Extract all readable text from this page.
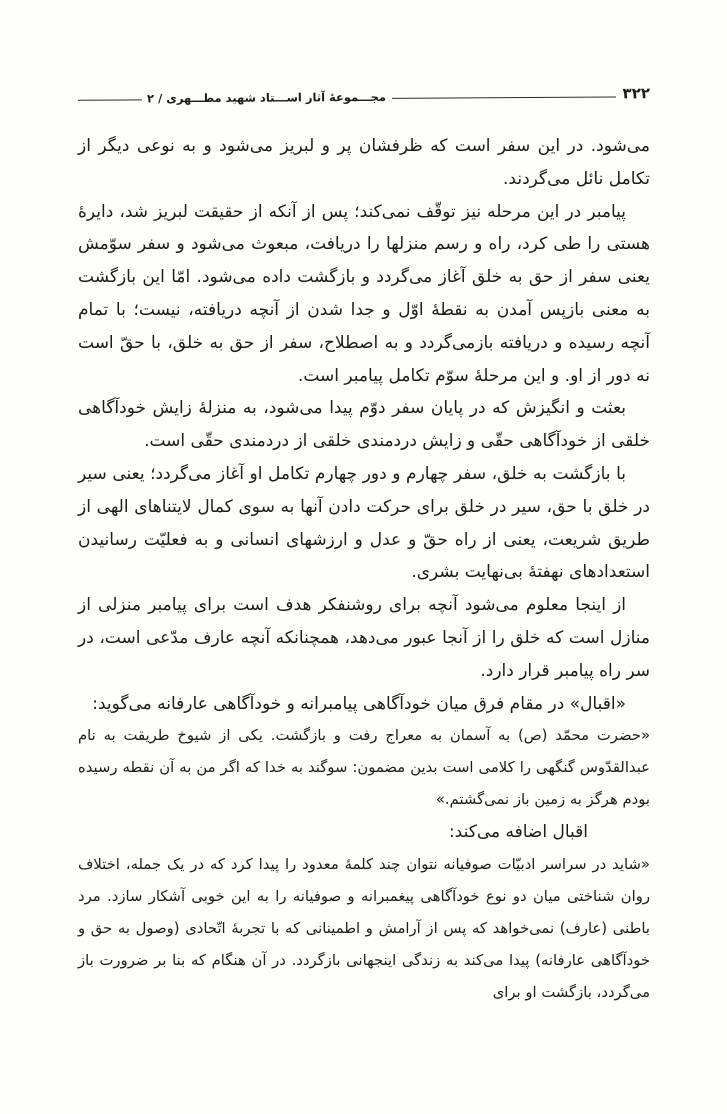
۳۲۲
مجـــموعهٔ آثار اســـتاد شهید مطـــهری / ۲

می‌شود. در این سفر است که ظرفشان پر و لبریز می‌شود و به نوعی دیگر از تکامل نائل می‌گردند.

پیامبر در این مرحله نیز توقّف نمی‌کند؛ پس از آنکه از حقیقت لبریز شد، دایرهٔ هستی را طی کرد، راه و رسم منزلها را دریافت، مبعوث می‌شود و سفر سوّمش یعنی سفر از حق به خلق آغاز می‌گردد و بازگشت داده می‌شود. امّا این بازگشت به معنی بازپس آمدن به نقطهٔ اوّل و جدا شدن از آنچه دریافته، نیست؛ با تمام آنچه رسیده و دریافته بازمی‌گردد و به اصطلاح، سفر از حق به خلق، با حقّ است نه دور از او. و این مرحلهٔ سوّم تکامل پیامبر است.

بعثت و انگیزش که در پایان سفر دوّم پیدا می‌شود، به منزلهٔ زایش خودآگاهی خلقی از خودآگاهی حقّی و زایش دردمندی خلقی از دردمندی حقّی است.

با بازگشت به خلق، سفر چهارم و دور چهارم تکامل او آغاز می‌گردد؛ یعنی سیر در خلق با حق، سیر در خلق برای حرکت دادن آنها به سوی کمال لایتناهای الهی از طریق شریعت، یعنی از راه حقّ و عدل و ارزشهای انسانی و به فعلیّت رسانیدن استعدادهای نهفتهٔ بی‌نهایت بشری.

از اینجا معلوم می‌شود آنچه برای روشنفکر هدف است برای پیامبر منزلی از منازل است که خلق را از آنجا عبور می‌دهد، همچنانکه آنچه عارف مدّعی است، در سر راه پیامبر قرار دارد.

«اقبال» در مقام فرق میان خودآگاهی پیامبرانه و خودآگاهی عارفانه می‌گوید:

«حضرت محمّد (ص) به آسمان به معراج رفت و بازگشت. یکی از شیوخ طریقت به نام عبدالقدّوس گنگهی را کلامی است بدین مضمون: سوگند به خدا که اگر من به آن نقطه رسیده بودم هرگز به زمین باز نمی‌گشتم.»

اقبال اضافه می‌کند:

«شاید در سراسر ادبیّات صوفیانه نتوان چند کلمهٔ معدود را پیدا کرد که در یک جمله، اختلاف روان شناختی میان دو نوع خودآگاهی پیغمبرانه و صوفیانه را به این خوبی آشکار سازد. مرد باطنی (عارف) نمی‌خواهد که پس از آرامش و اطمینانی که با تجربهٔ اتّحادی (وصول به حق و خودآگاهی عارفانه) پیدا می‌کند به زندگی اینجهانی بازگردد. در آن هنگام که بنا بر ضرورت باز می‌گردد، بازگشت او برای
